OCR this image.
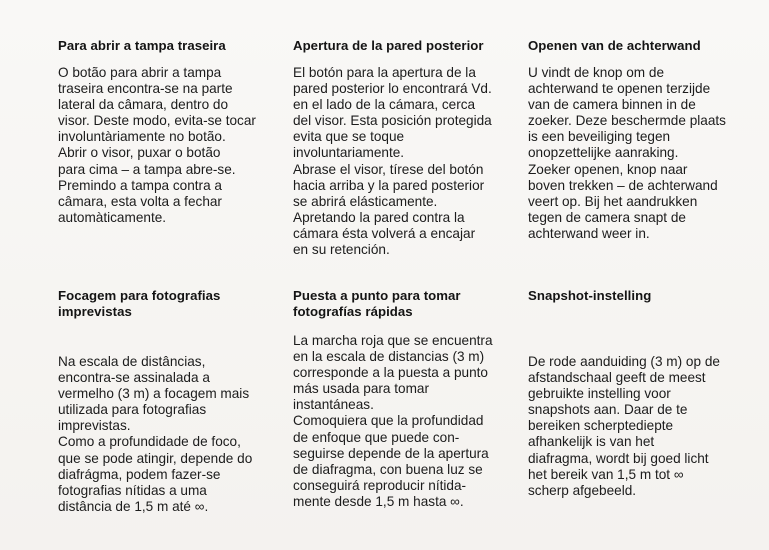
Para abrir a tampa traseira
O botão para abrir a tampa
traseira encontra-se na parte
lateral da câmara, dentro do
visor. Deste modo, evita-se tocar
involuntàriamente no botão.
Abrir o visor, puxar o botão
para cima – a tampa abre-se.
Premindo a tampa contra a
câmara, esta volta a fechar
automàticamente.
Apertura de la pared posterior
El botón para la apertura de la
pared posterior lo encontrará Vd.
en el lado de la cámara, cerca
del visor. Esta posición protegida
evita que se toque
involuntariamente.
Abrase el visor, tírese del botón
hacia arriba y la pared posterior
se abrirá elásticamente.
Apretando la pared contra la
cámara ésta volverá a encajar
en su retención.
Openen van de achterwand
U vindt de knop om de
achterwand te openen terzijde
van de camera binnen in de
zoeker. Deze beschermde plaats
is een beveiliging tegen
onopzettelijke aanraking.
Zoeker openen, knop naar
boven trekken – de achterwand
veert op. Bij het aandrukken
tegen de camera snapt de
achterwand weer in.
Focagem para fotografias
imprevistas
Na escala de distâncias,
encontra-se assinalada a
vermelho (3 m) a focagem mais
utilizada para fotografias
imprevistas.
Como a profundidade de foco,
que se pode atingir, depende do
diafrágma, podem fazer-se
fotografias nítidas a uma
distância de 1,5 m até ∞.
Puesta a punto para tomar
fotografías rápidas
La marcha roja que se encuentra
en la escala de distancias (3 m)
corresponde a la puesta a punto
más usada para tomar
instantáneas.
Comoquiera que la profundidad
de enfoque que puede con-
seguirse depende de la apertura
de diafragma, con buena luz se
conseguirá reproducir nítida-
mente desde 1,5 m hasta ∞.
Snapshot-instelling
De rode aanduiding (3 m) op de
afstandschaal geeft de meest
gebruikte instelling voor
snapshots aan. Daar de te
bereiken scherptediepte
afhankelijk is van het
diafragma, wordt bij goed licht
het bereik van 1,5 m tot ∞
scherp afgebeeld.
